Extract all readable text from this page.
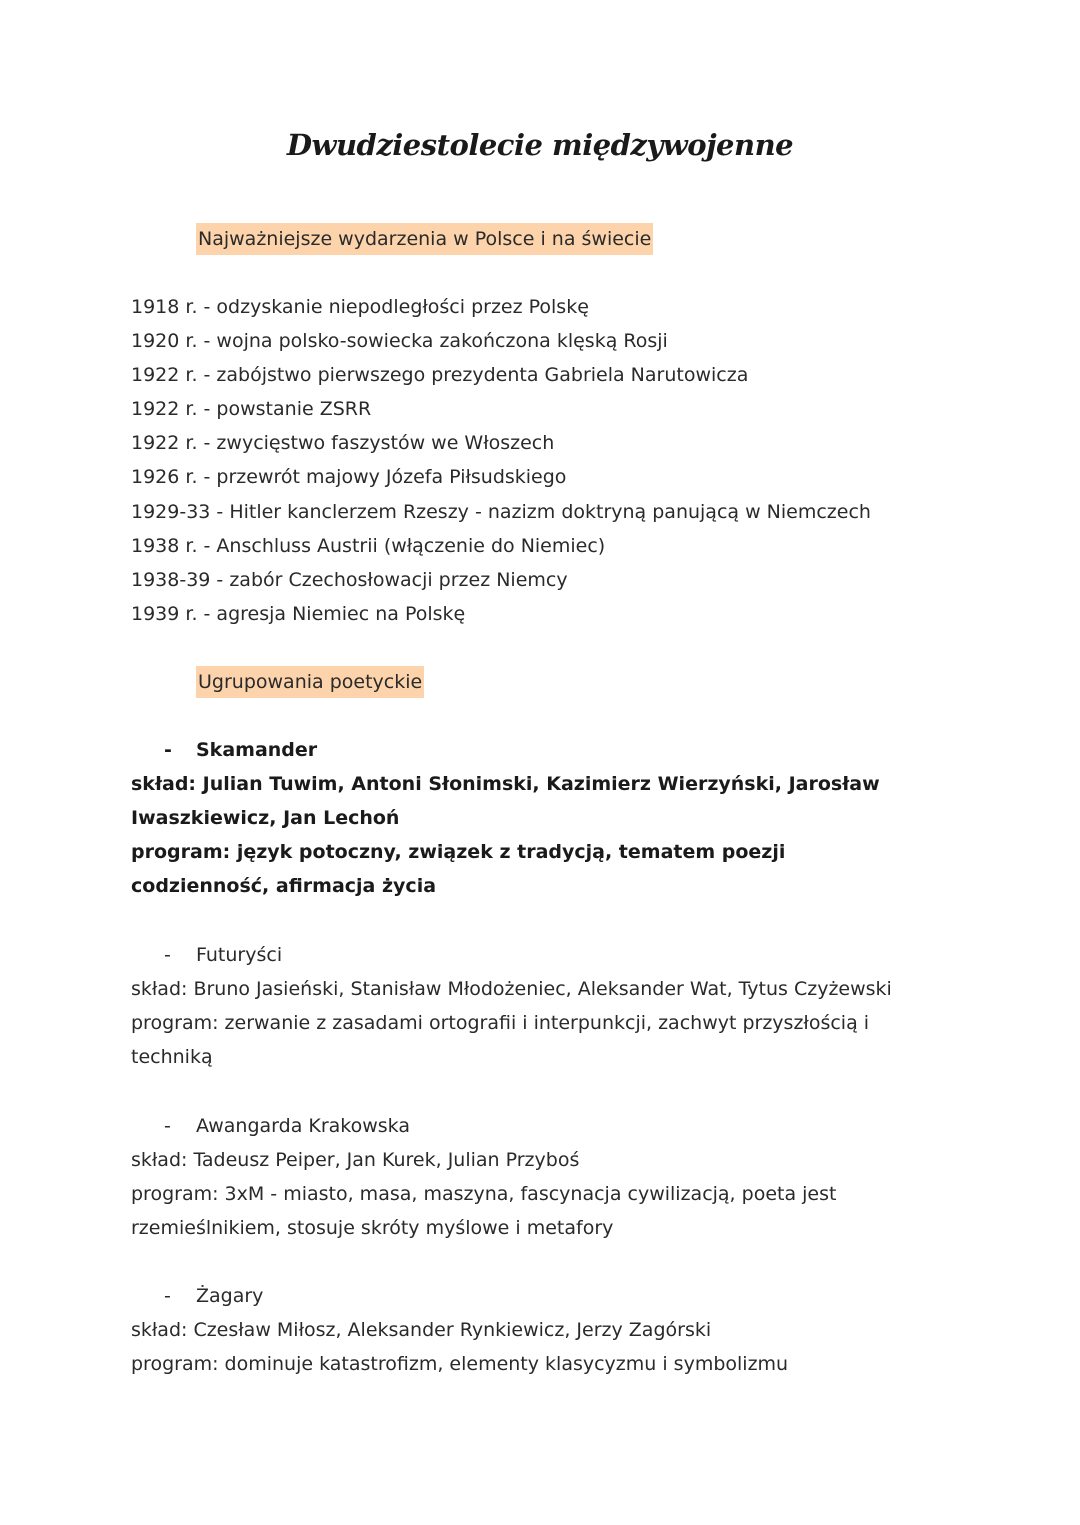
Dwudziestolecie międzywojenne
Najważniejsze wydarzenia w Polsce i na świecie
1918 r. - odzyskanie niepodległości przez Polskę
1920 r. - wojna polsko-sowiecka zakończona klęską Rosji
1922 r. - zabójstwo pierwszego prezydenta Gabriela Narutowicza
1922 r. - powstanie ZSRR
1922 r. - zwycięstwo faszystów we Włoszech
1926 r. - przewrót majowy Józefa Piłsudskiego
1929-33 - Hitler kanclerzem Rzeszy - nazizm doktryną panującą w Niemczech
1938 r. - Anschluss Austrii (włączenie do Niemiec)
1938-39 - zabór Czechosłowacji przez Niemcy
1939 r. - agresja Niemiec na Polskę
Ugrupowania poetyckie
- Skamander

skład: Julian Tuwim, Antoni Słonimski, Kazimierz Wierzyński, Jarosław Iwaszkiewicz, Jan Lechoń

program: język potoczny, związek z tradycją, tematem poezji codzienność, afirmacja życia

- Futuryści

skład: Bruno Jasieński, Stanisław Młodożeniec, Aleksander Wat, Tytus Czyżewski

program: zerwanie z zasadami ortografii i interpunkcji, zachwyt przyszłością i techniką

- Awangarda Krakowska

skład: Tadeusz Peiper, Jan Kurek, Julian Przyboś

program: 3xM - miasto, masa, maszyna, fascynacja cywilizacją, poeta jest rzemieślnikiem, stosuje skróty myślowe i metafory

- Żagary

skład: Czesław Miłosz, Aleksander Rynkiewicz, Jerzy Zagórski

program: dominuje katastrofizm, elementy klasycyzmu i symbolizmu
